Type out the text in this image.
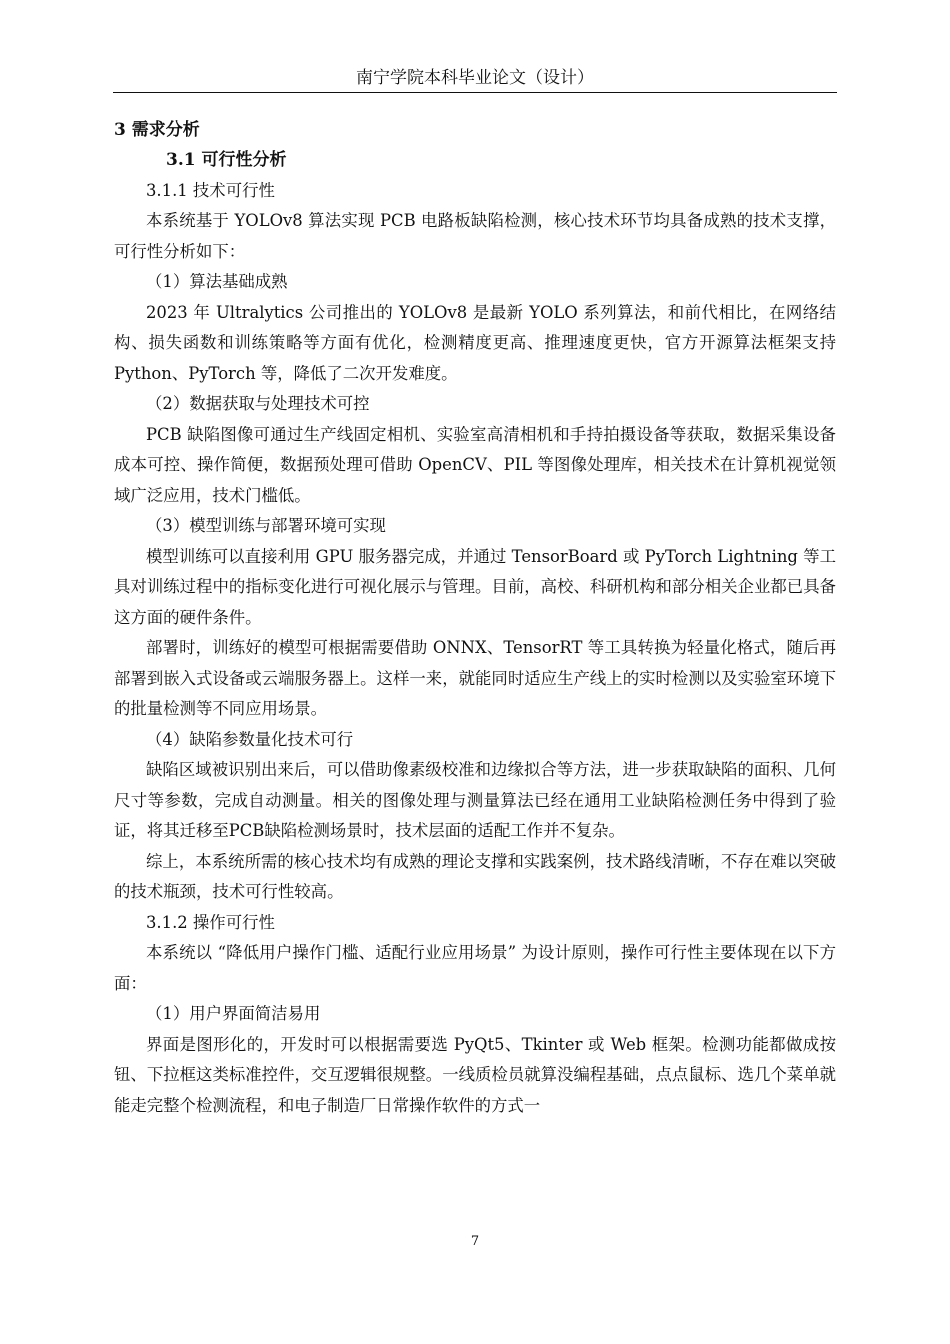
南宁学院本科毕业论文（设计）

3 需求分析

3.1 可行性分析

3.1.1 技术可行性

本系统基于 YOLOv8 算法实现 PCB 电路板缺陷检测，核心技术环节均具备成熟的技术支撑，可行性分析如下：

（1）算法基础成熟

2023 年 Ultralytics 公司推出的 YOLOv8 是最新 YOLO 系列算法，和前代相比，在网络结构、损失函数和训练策略等方面有优化，检测精度更高、推理速度更快，官方开源算法框架支持 Python、PyTorch 等，降低了二次开发难度。

（2）数据获取与处理技术可控

PCB 缺陷图像可通过生产线固定相机、实验室高清相机和手持拍摄设备等获取，数据采集设备成本可控、操作简便，数据预处理可借助 OpenCV、PIL 等图像处理库，相关技术在计算机视觉领域广泛应用，技术门槛低。

（3）模型训练与部署环境可实现

模型训练可以直接利用 GPU 服务器完成，并通过 TensorBoard 或 PyTorch Lightning 等工具对训练过程中的指标变化进行可视化展示与管理。目前，高校、科研机构和部分相关企业都已具备这方面的硬件条件。

部署时，训练好的模型可根据需要借助 ONNX、TensorRT 等工具转换为轻量化格式，随后再部署到嵌入式设备或云端服务器上。这样一来，就能同时适应生产线上的实时检测以及实验室环境下的批量检测等不同应用场景。

（4）缺陷参数量化技术可行

缺陷区域被识别出来后，可以借助像素级校准和边缘拟合等方法，进一步获取缺陷的面积、几何尺寸等参数，完成自动测量。相关的图像处理与测量算法已经在通用工业缺陷检测任务中得到了验证，将其迁移至PCB缺陷检测场景时，技术层面的适配工作并不复杂。

综上，本系统所需的核心技术均有成熟的理论支撑和实践案例，技术路线清晰，不存在难以突破的技术瓶颈，技术可行性较高。

3.1.2 操作可行性

本系统以 “降低用户操作门槛、适配行业应用场景” 为设计原则，操作可行性主要体现在以下方面：

（1）用户界面简洁易用

界面是图形化的，开发时可以根据需要选 PyQt5、Tkinter 或 Web 框架。检测功能都做成按钮、下拉框这类标准控件，交互逻辑很规整。一线质检员就算没编程基础，点点鼠标、选几个菜单就能走完整个检测流程，和电子制造厂日常操作软件的方式一

7
